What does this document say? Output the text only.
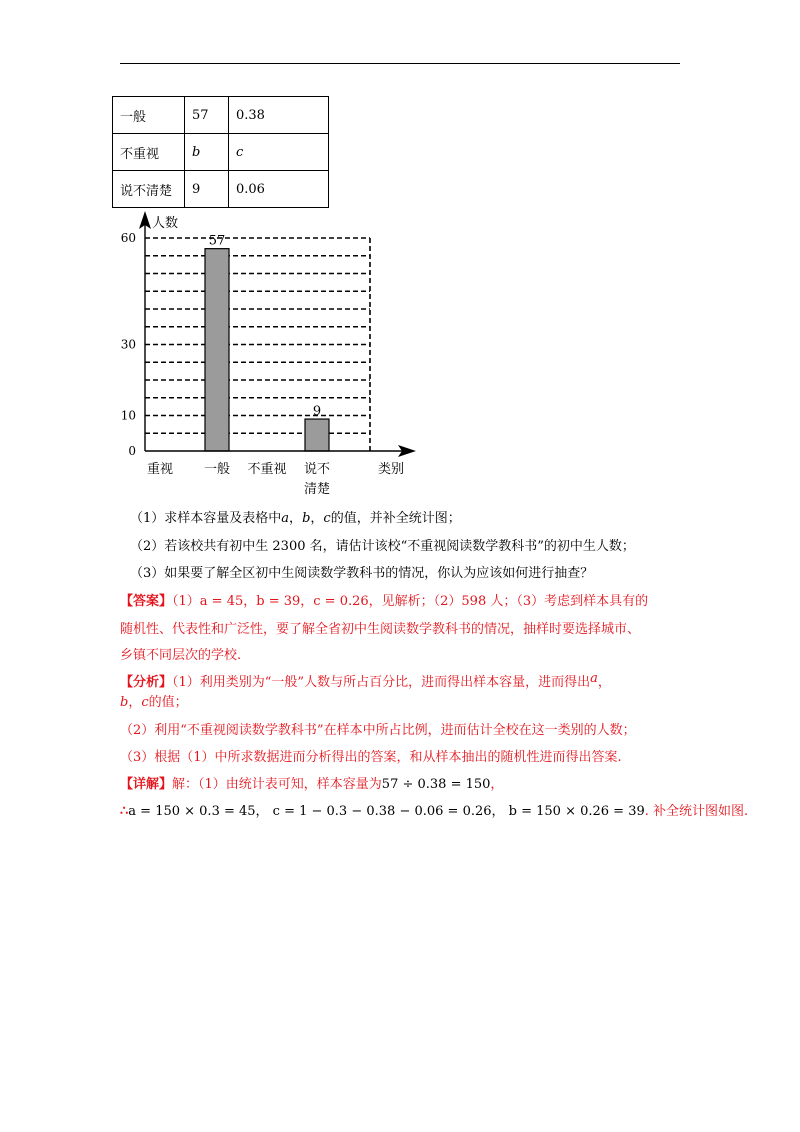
一般	57	0.38
不重视	b	c
说不清楚	9	0.06
57
9
人数
类别
0
10
30
60
重视 一般 不重视 说不
清楚
（1）求样本容量及表格中a，b，c的值，并补全统计图；
（2）若该校共有初中生 2300 名，请估计该校“不重视阅读数学教科书”的初中生人数；
（3）如果要了解全区初中生阅读数学教科书的情况，你认为应该如何进行抽查？
【答案】（1）a = 45，b = 39，c = 0.26，见解析；（2）598 人；（3）考虑到样本具有的
随机性、代表性和广泛性，要了解全省初中生阅读数学教科书的情况，抽样时要选择城市、
乡镇不同层次的学校.
【分析】（1）利用类别为“一般”人数与所占百分比，进而得出样本容量，进而得出a，
b，c的值；
（2）利用“不重视阅读数学教科书”在样本中所占比例，进而估计全校在这一类别的人数；
（3）根据（1）中所求数据进而分析得出的答案，和从样本抽出的随机性进而得出答案.
【详解】解：（1）由统计表可知，样本容量为57 ÷ 0.38 = 150，
∴a = 150 × 0.3 = 45， c = 1 − 0.3 − 0.38 − 0.06 = 0.26， b = 150 × 0.26 = 39. 补全统计图如图.
